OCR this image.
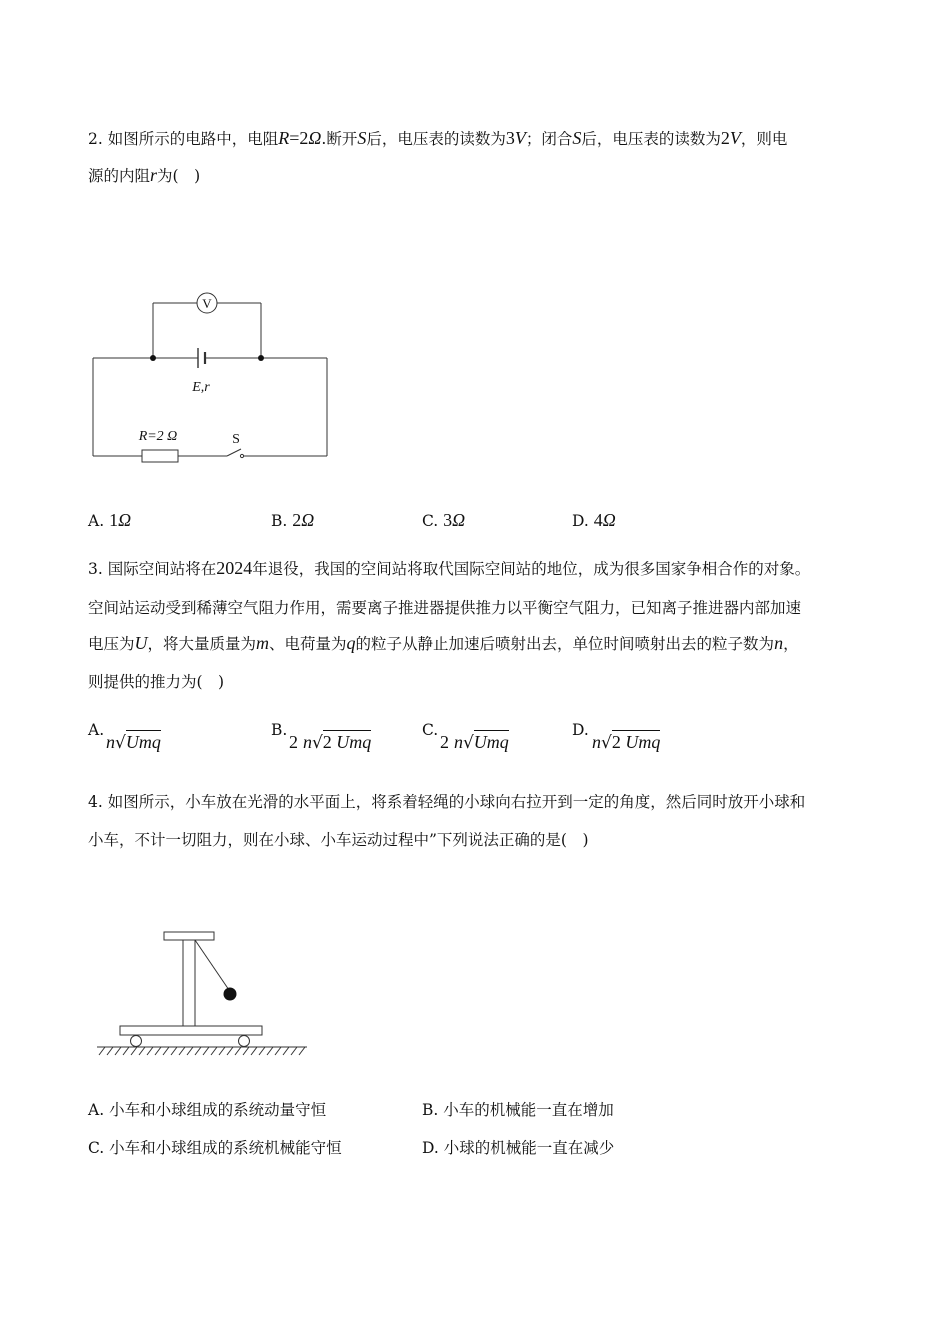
2. 如图所示的电路中，电阻R=2Ω.断开S后，电压表的读数为3V；闭合S后，电压表的读数为2V，则电
源的内阻r为(　)
V
E,r
R=2 Ω	S
A. 1Ω	B. 2Ω	C. 3Ω	D. 4Ω
3. 国际空间站将在2024年退役，我国的空间站将取代国际空间站的地位，成为很多国家争相合作的对象。
空间站运动受到稀薄空气阻力作用，需要离子推进器提供推力以平衡空气阻力，已知离子推进器内部加速
电压为U，将大量质量为m、电荷量为q的粒子从静止加速后喷射出去，单位时间喷射出去的粒子数为n，
则提供的推力为(　)
A.
n√Umq
B.
2 n√2 Umq
C.
2 n√Umq
D.
n√2 Umq
4. 如图所示，小车放在光滑的水平面上，将系着轻绳的小球向右拉开到一定的角度，然后同时放开小球和
小车，不计一切阻力，则在小球、小车运动过程中”下列说法正确的是(　)
A. 小车和小球组成的系统动量守恒	B. 小车的机械能一直在增加
C. 小车和小球组成的系统机械能守恒	D. 小球的机械能一直在减少
